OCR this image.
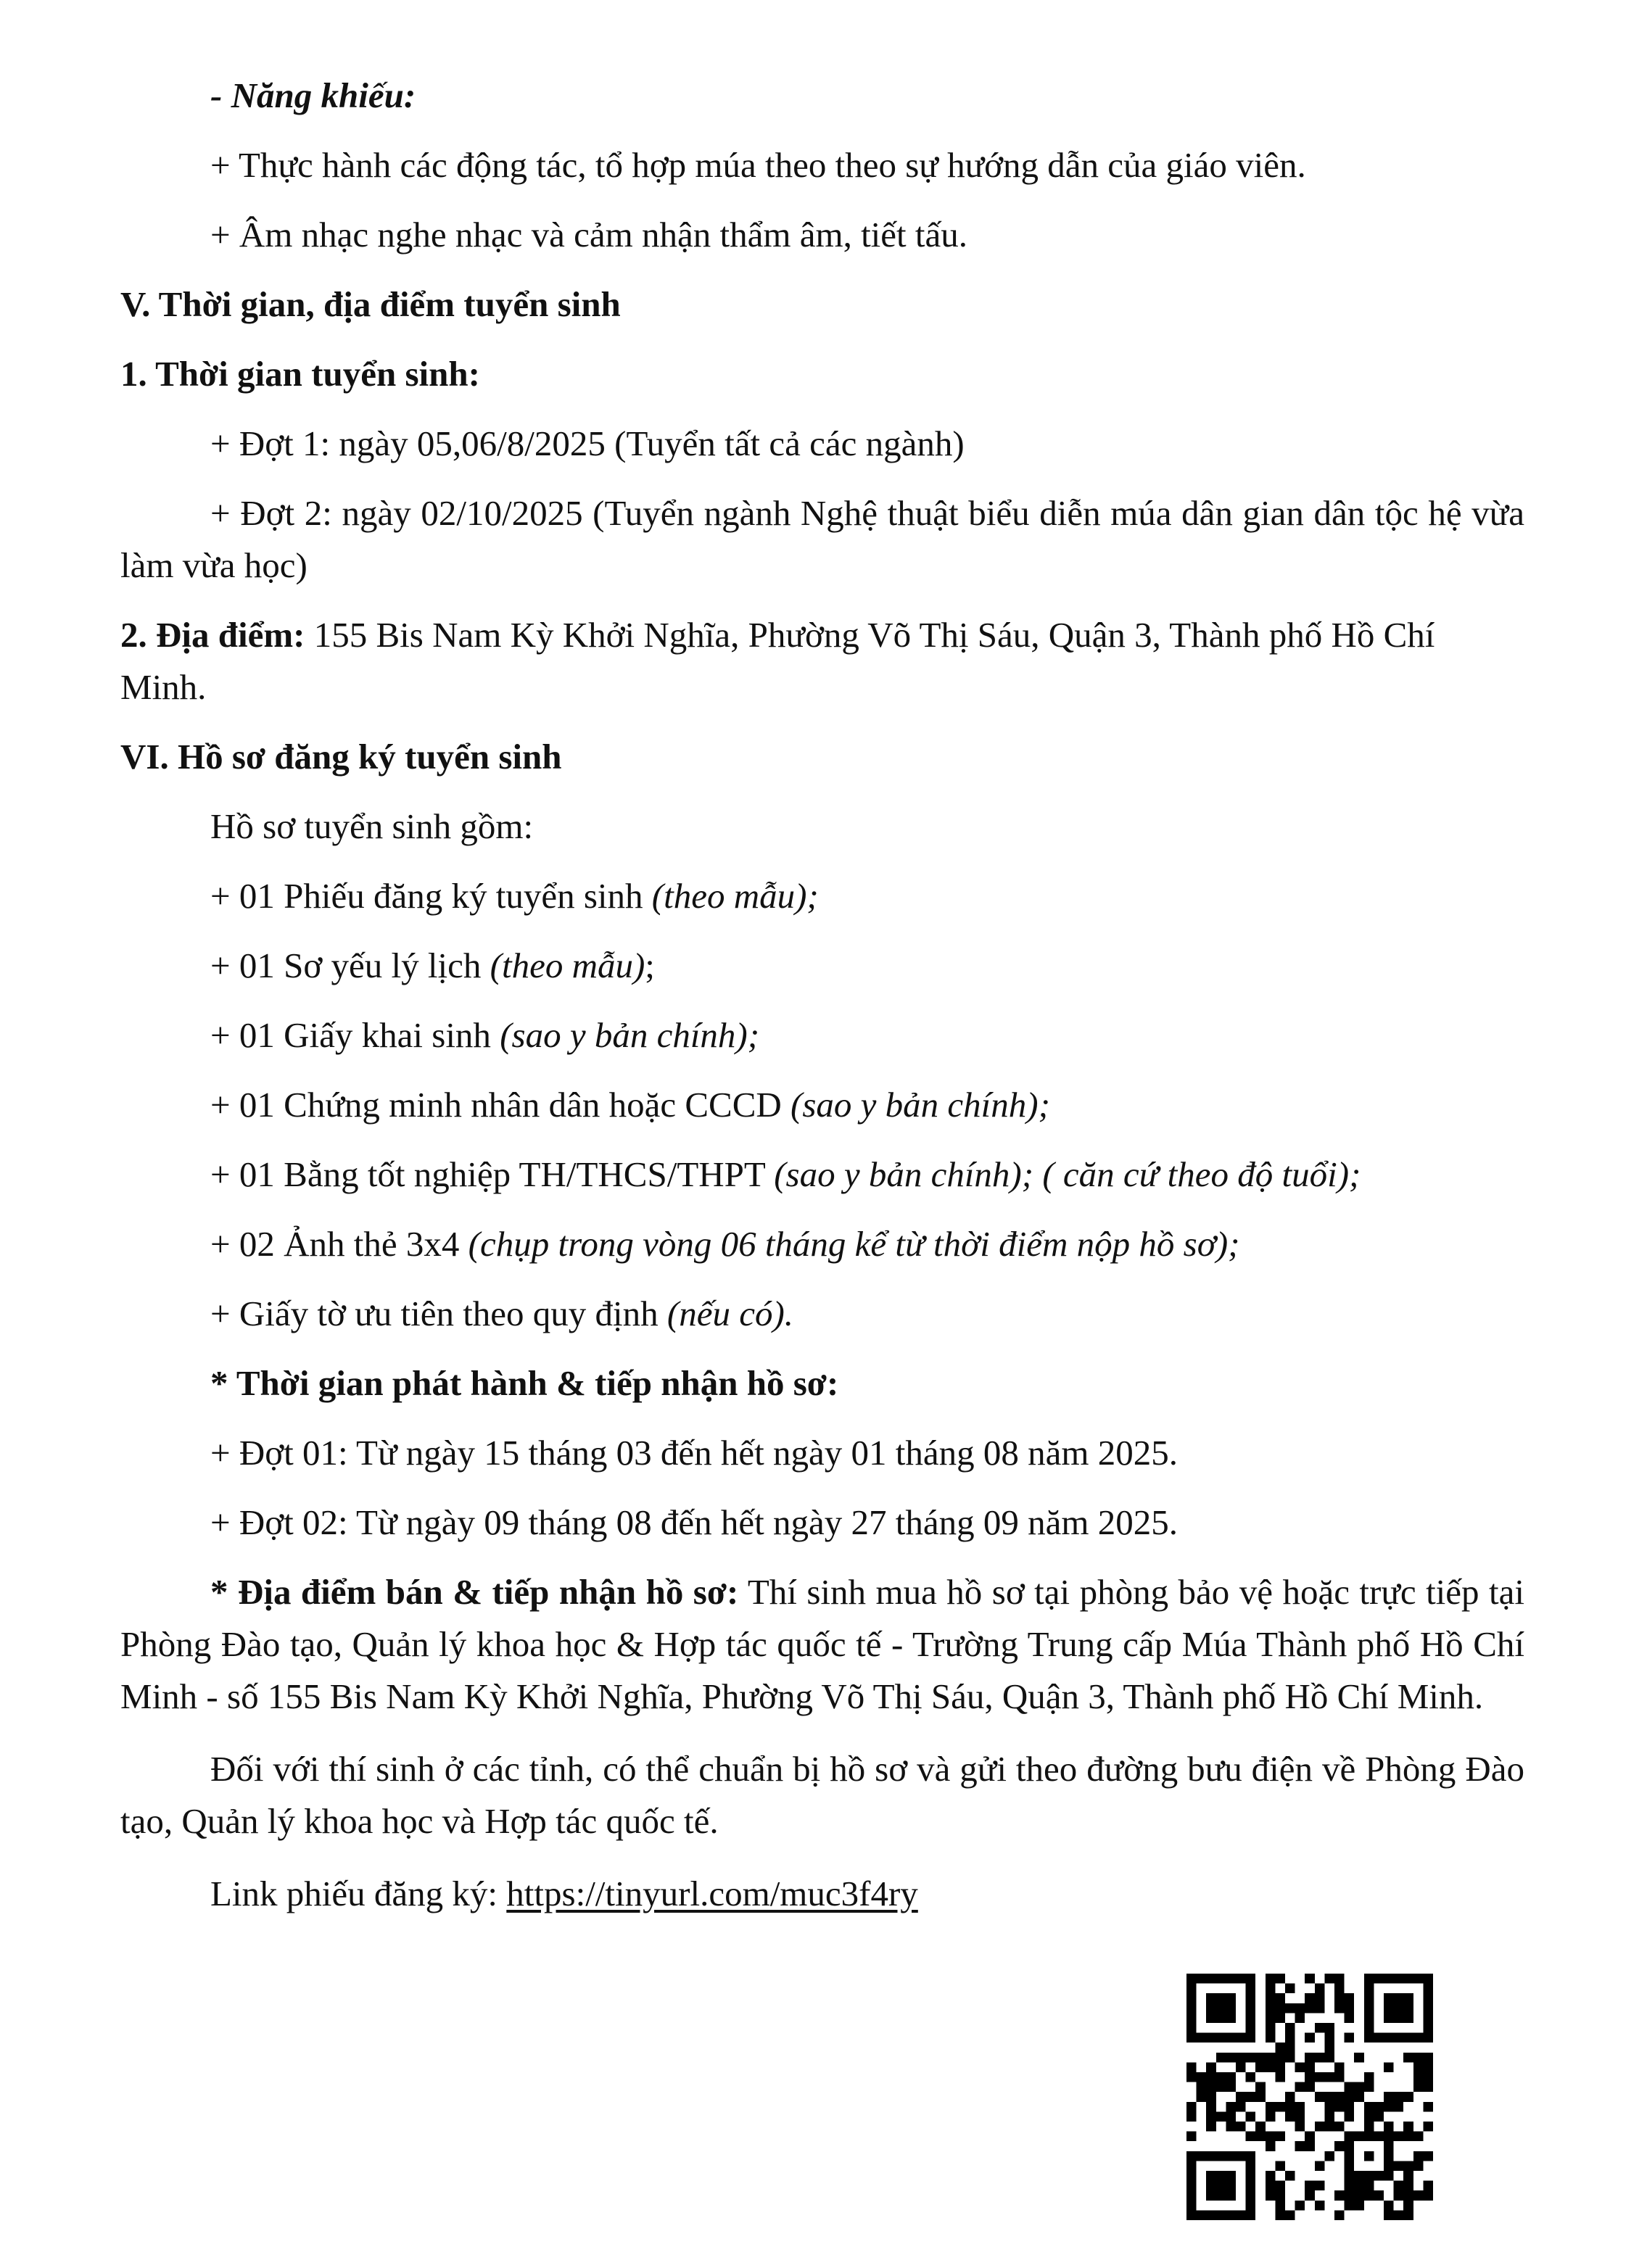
- Năng khiếu:

+ Thực hành các động tác, tổ hợp múa theo theo sự hướng dẫn của giáo viên.

+ Âm nhạc nghe nhạc và cảm nhận thẩm âm, tiết tấu.

V. Thời gian, địa điểm tuyển sinh

1. Thời gian tuyển sinh:

+ Đợt 1: ngày 05,06/8/2025 (Tuyển tất cả các ngành)

+ Đợt 2: ngày 02/10/2025 (Tuyển ngành Nghệ thuật biểu diễn múa dân gian dân tộc hệ vừa làm vừa học)

2. Địa điểm: 155 Bis Nam Kỳ Khởi Nghĩa, Phường Võ Thị Sáu, Quận 3, Thành phố Hồ Chí Minh.

VI. Hồ sơ đăng ký tuyển sinh

Hồ sơ tuyển sinh gồm:

+ 01 Phiếu đăng ký tuyển sinh (theo mẫu);

+ 01 Sơ yếu lý lịch (theo mẫu);

+ 01 Giấy khai sinh (sao y bản chính);

+ 01 Chứng minh nhân dân hoặc CCCD (sao y bản chính);

+ 01 Bằng tốt nghiệp TH/THCS/THPT (sao y bản chính); ( căn cứ theo độ tuổi);

+ 02 Ảnh thẻ 3x4 (chụp trong vòng 06 tháng kể từ thời điểm nộp hồ sơ);

+ Giấy tờ ưu tiên theo quy định (nếu có).

* Thời gian phát hành & tiếp nhận hồ sơ:

+ Đợt 01: Từ ngày 15 tháng 03 đến hết ngày 01 tháng 08 năm 2025.

+ Đợt 02: Từ ngày 09 tháng 08 đến hết ngày 27 tháng 09 năm 2025.

* Địa điểm bán & tiếp nhận hồ sơ: Thí sinh mua hồ sơ tại phòng bảo vệ hoặc trực tiếp tại Phòng Đào tạo, Quản lý khoa học & Hợp tác quốc tế - Trường Trung cấp Múa Thành phố Hồ Chí Minh - số 155 Bis Nam Kỳ Khởi Nghĩa, Phường Võ Thị Sáu, Quận 3, Thành phố Hồ Chí Minh.

Đối với thí sinh ở các tỉnh, có thể chuẩn bị hồ sơ và gửi theo đường bưu điện về Phòng Đào tạo, Quản lý khoa học và Hợp tác quốc tế.

Link phiếu đăng ký: https://tinyurl.com/muc3f4ry
